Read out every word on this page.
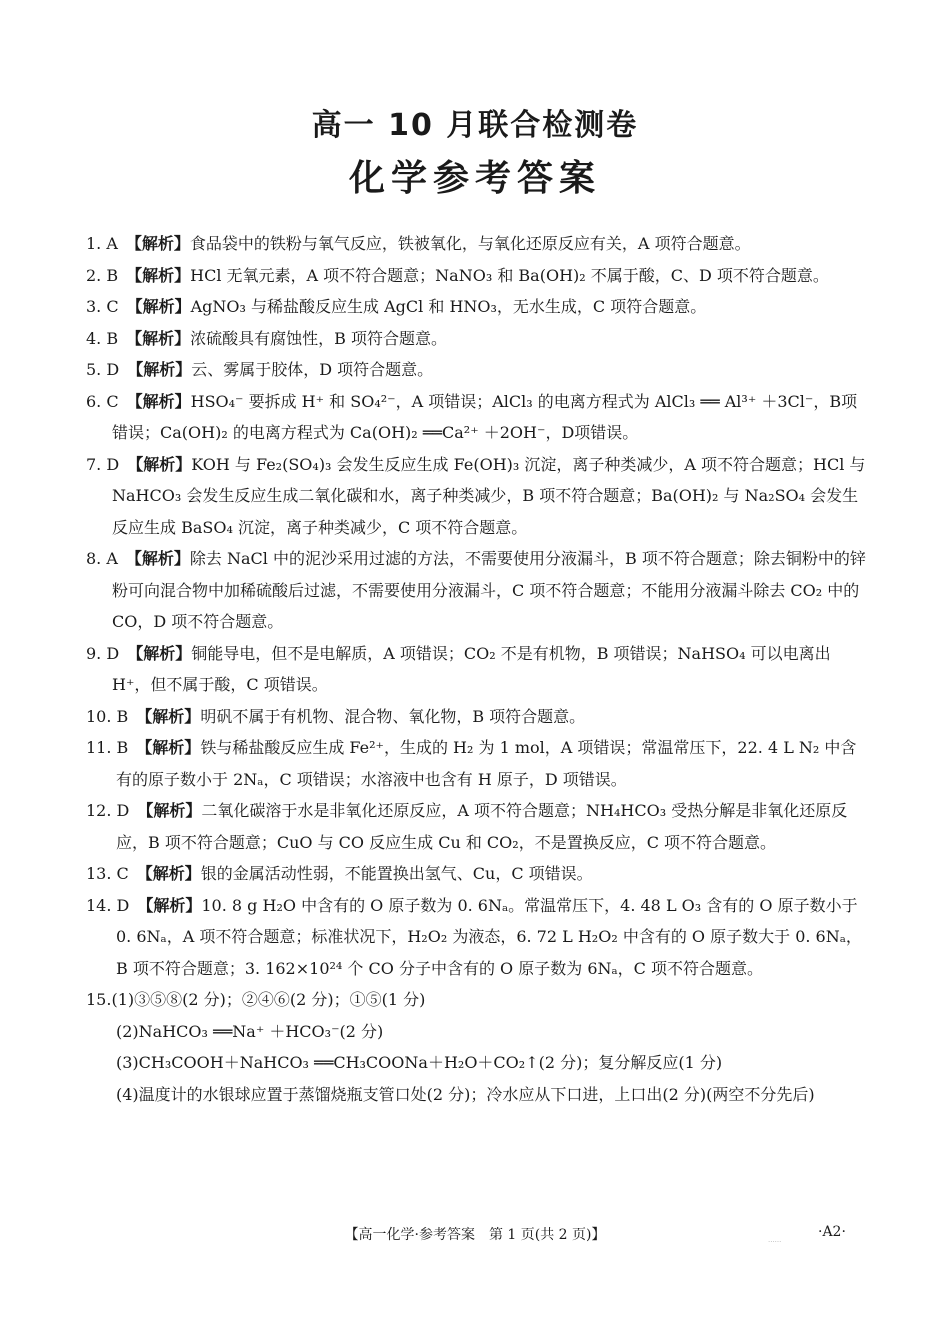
高一 10 月联合检测卷
化学参考答案
1. A 【解析】食品袋中的铁粉与氧气反应，铁被氧化，与氧化还原反应有关，A 项符合题意。
2. B 【解析】HCl 无氧元素，A 项不符合题意；NaNO₃ 和 Ba(OH)₂ 不属于酸，C、D 项不符合题意。
3. C 【解析】AgNO₃ 与稀盐酸反应生成 AgCl 和 HNO₃，无水生成，C 项符合题意。
4. B 【解析】浓硫酸具有腐蚀性，B 项符合题意。
5. D 【解析】云、雾属于胶体，D 项符合题意。
6. C 【解析】HSO₄⁻ 要拆成 H⁺ 和 SO₄²⁻，A 项错误；AlCl₃ 的电离方程式为 AlCl₃ ══ Al³⁺ ＋3Cl⁻，B项错误；Ca(OH)₂ 的电离方程式为 Ca(OH)₂ ══Ca²⁺ ＋2OH⁻，D项错误。
7. D 【解析】KOH 与 Fe₂(SO₄)₃ 会发生反应生成 Fe(OH)₃ 沉淀，离子种类减少，A 项不符合题意；HCl 与 NaHCO₃ 会发生反应生成二氧化碳和水，离子种类减少，B 项不符合题意；Ba(OH)₂ 与 Na₂SO₄ 会发生反应生成 BaSO₄ 沉淀，离子种类减少，C 项不符合题意。
8. A 【解析】除去 NaCl 中的泥沙采用过滤的方法，不需要使用分液漏斗，B 项不符合题意；除去铜粉中的锌粉可向混合物中加稀硫酸后过滤，不需要使用分液漏斗，C 项不符合题意；不能用分液漏斗除去 CO₂ 中的 CO，D 项不符合题意。
9. D 【解析】铜能导电，但不是电解质，A 项错误；CO₂ 不是有机物，B 项错误；NaHSO₄ 可以电离出 H⁺，但不属于酸，C 项错误。
10. B 【解析】明矾不属于有机物、混合物、氧化物，B 项符合题意。
11. B 【解析】铁与稀盐酸反应生成 Fe²⁺，生成的 H₂ 为 1 mol，A 项错误；常温常压下，22. 4 L N₂ 中含有的原子数小于 2Nₐ，C 项错误；水溶液中也含有 H 原子，D 项错误。
12. D 【解析】二氧化碳溶于水是非氧化还原反应，A 项不符合题意；NH₄HCO₃ 受热分解是非氧化还原反应，B 项不符合题意；CuO 与 CO 反应生成 Cu 和 CO₂，不是置换反应，C 项不符合题意。
13. C 【解析】银的金属活动性弱，不能置换出氢气、Cu，C 项错误。
14. D 【解析】10. 8 g H₂O 中含有的 O 原子数为 0. 6Nₐ。常温常压下，4. 48 L O₃ 含有的 O 原子数小于 0. 6Nₐ，A 项不符合题意；标准状况下，H₂O₂ 为液态，6. 72 L H₂O₂ 中含有的 O 原子数大于 0. 6Nₐ，B 项不符合题意；3. 162×10²⁴ 个 CO 分子中含有的 O 原子数为 6Nₐ，C 项不符合题意。
15.(1)③⑤⑧(2 分)；②④⑥(2 分)；①⑤(1 分)
(2)NaHCO₃ ══Na⁺ ＋HCO₃⁻(2 分)
(3)CH₃COOH＋NaHCO₃ ══CH₃COONa＋H₂O＋CO₂↑(2 分)；复分解反应(1 分)
(4)温度计的水银球应置于蒸馏烧瓶支管口处(2 分)；冷水应从下口进，上口出(2 分)(两空不分先后)
【高一化学·参考答案　第 1 页(共 2 页)】	·A2·
......
